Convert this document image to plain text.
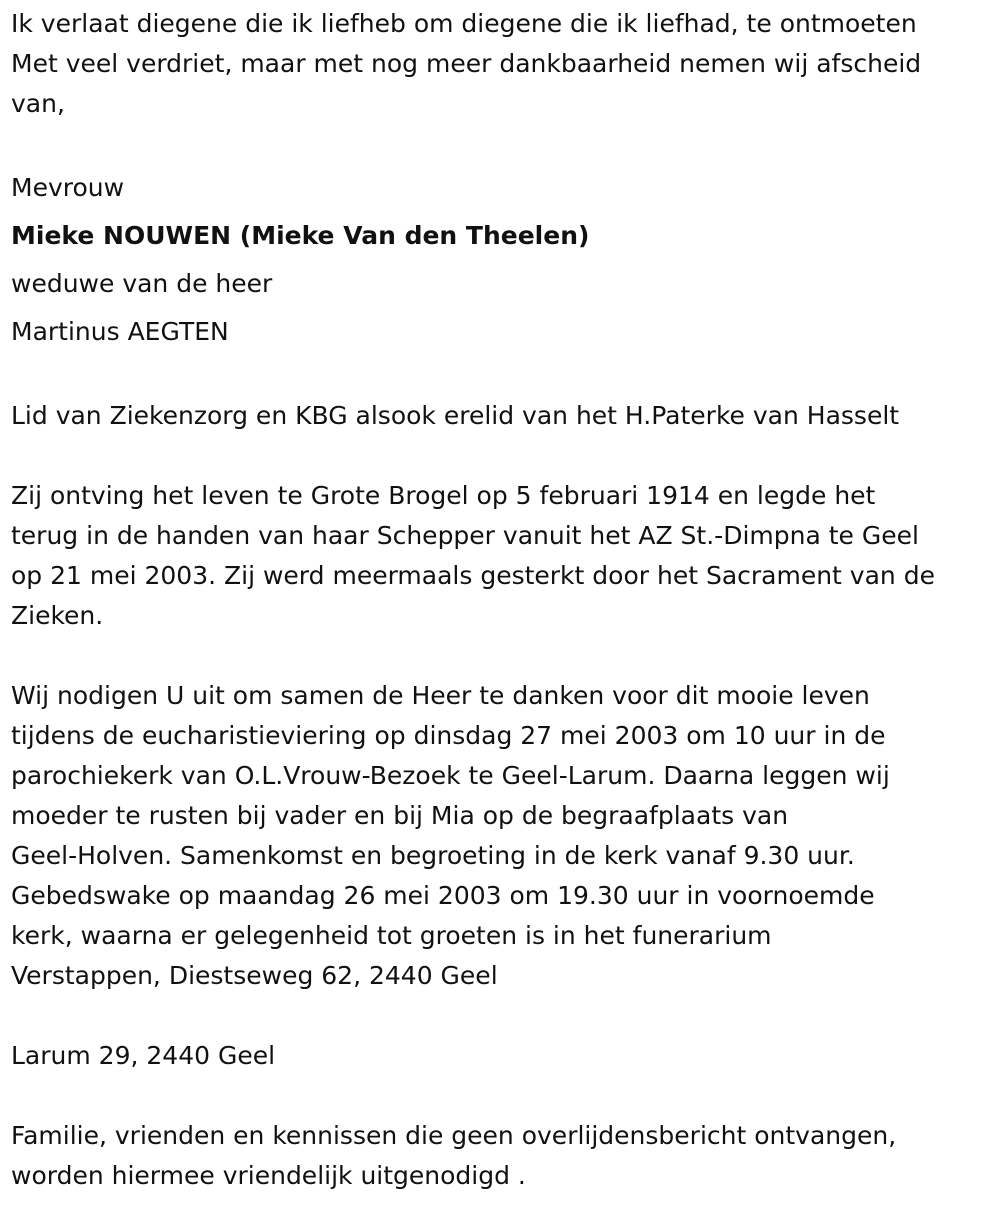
Ik verlaat diegene die ik liefheb om diegene die ik liefhad, te ontmoeten

Met veel verdriet, maar met nog meer dankbaarheid nemen wij afscheid

van,

Mevrouw

Mieke NOUWEN (Mieke Van den Theelen)

weduwe van de heer

Martinus AEGTEN

Lid van Ziekenzorg en KBG alsook erelid van het H.Paterke van Hasselt

Zij ontving het leven te Grote Brogel op 5 februari 1914 en legde het

terug in de handen van haar Schepper vanuit het AZ St.-Dimpna te Geel

op 21 mei 2003. Zij werd meermaals gesterkt door het Sacrament van de

Zieken.

Wij nodigen U uit om samen de Heer te danken voor dit mooie leven

tijdens de eucharistieviering op dinsdag 27 mei 2003 om 10 uur in de

parochiekerk van O.L.Vrouw-Bezoek te Geel-Larum. Daarna leggen wij

moeder te rusten bij vader en bij Mia op de begraafplaats van

Geel-Holven. Samenkomst en begroeting in de kerk vanaf 9.30 uur.

Gebedswake op maandag 26 mei 2003 om 19.30 uur in voornoemde

kerk, waarna er gelegenheid tot groeten is in het funerarium

Verstappen, Diestseweg 62, 2440 Geel

Larum 29, 2440 Geel

Familie, vrienden en kennissen die geen overlijdensbericht ontvangen,

worden hiermee vriendelijk uitgenodigd .
